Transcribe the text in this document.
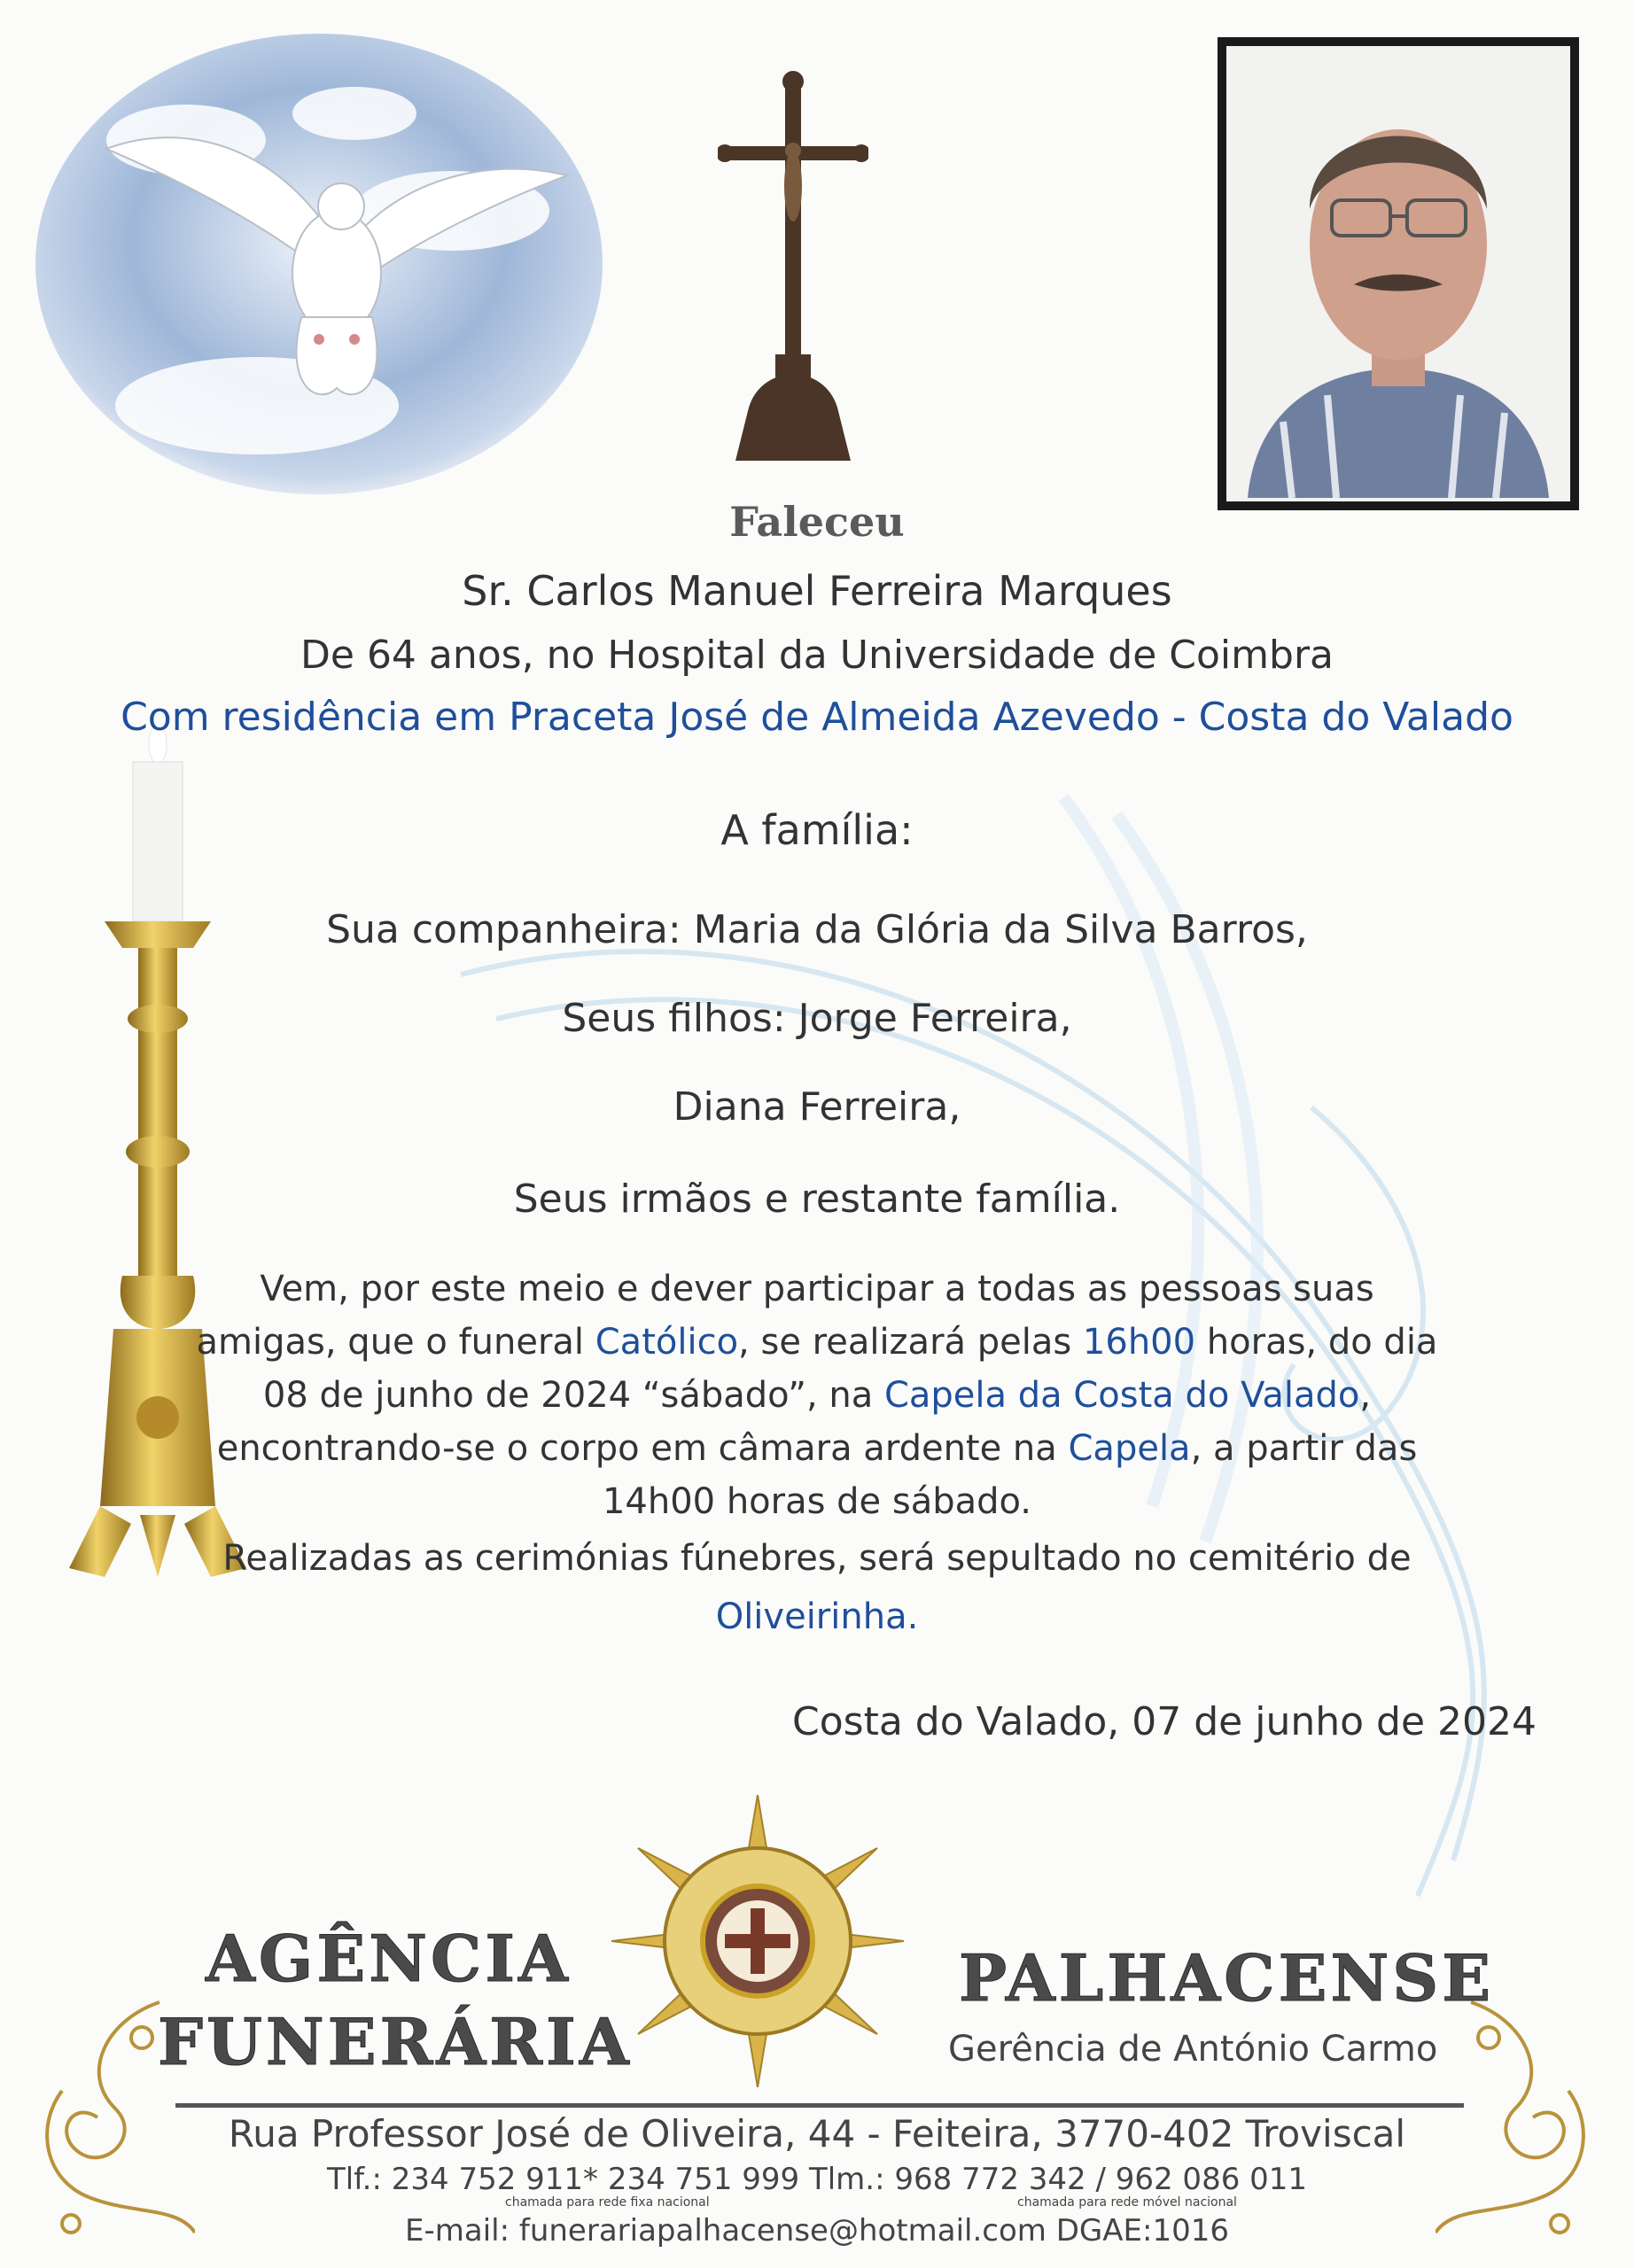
Faleceu
Sr. Carlos Manuel Ferreira Marques
De 64 anos, no Hospital da Universidade de Coimbra
Com residência em Praceta José de Almeida Azevedo - Costa do Valado
A família:
Sua companheira: Maria da Glória da Silva Barros,
Seus filhos: Jorge Ferreira,
Diana Ferreira,
Seus irmãos e restante família.
Vem, por este meio e dever participar a todas as pessoas suas
amigas, que o funeral Católico, se realizará pelas 16h00 horas, do dia
08 de junho de 2024 “sábado”, na Capela da Costa do Valado,
encontrando-se o corpo em câmara ardente na Capela, a partir das
14h00 horas de sábado.
Realizadas as cerimónias fúnebres, será sepultado no cemitério de
Oliveirinha.
Costa do Valado, 07 de junho de 2024
AGÊNCIA
FUNERÁRIA
PALHACENSE
Gerência de António Carmo
Rua Professor José de Oliveira, 44 - Feiteira, 3770-402 Troviscal
Tlf.: 234 752 911* 234 751 999 Tlm.: 968 772 342 / 962 086 011
chamada para rede fixa nacional	chamada para rede móvel nacional
E-mail: funerariapalhacense@hotmail.com DGAE:1016
